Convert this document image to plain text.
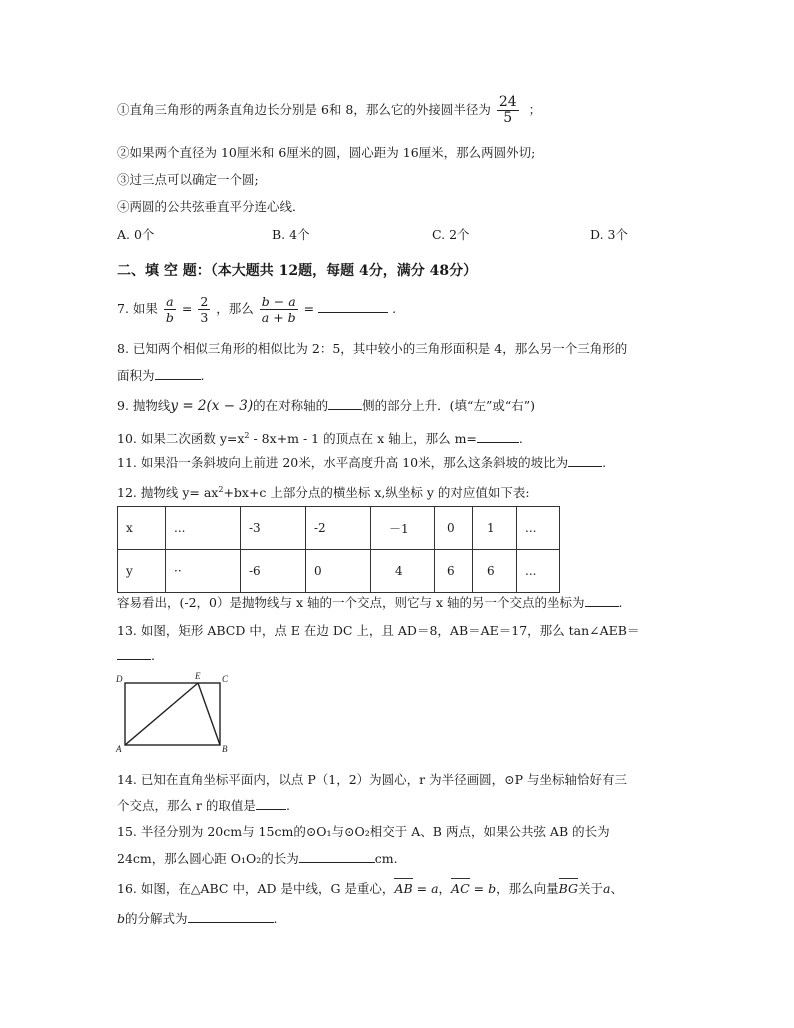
①直角三角形的两条直角边长分别是 6和 8，那么它的外接圆半径为 $\frac{24}{5}$ ；
②如果两个直径为 10厘米和 6厘米的圆，圆心距为 16厘米，那么两圆外切;
③过三点可以确定一个圆;
④两圆的公共弦垂直平分连心线．
A. 0个	B. 4个	C. 2个	D. 3个
二、填 空 题：（本大题共 12题，每题 4分，满分 48分）
7. 如果 $\frac{a}{b} = \frac{2}{3}$ ，那么 $\frac{b - a}{a + b}$ =	.
8. 已知两个相似三角形的相似比为 2：5，其中较小的三角形面积是 4，那么另一个三角形的
面积为	.
9. 抛物线y = 2(x − 3)的在对称轴的	侧的部分上升．(填“左”或“右”)
10. 如果二次函数 $y=x^2 - 8x+m - 1$ 的顶点在 x 轴上，那么 m=	.
11. 如果沿一条斜坡向上前进 20米，水平高度升高 10米，那么这条斜坡的坡比为	.
12. 抛物线 $y= ax^2+bx+c$ 上部分点的横坐标 x,纵坐标 y 的对应值如下表:
x	...	-3	-2	－1	0	1	...
y	··	-6	0	4	6	6	...
容易看出，(-2，0）是抛物线与 x 轴的一个交点，则它与 x 轴的另一个交点的坐标为	.
13. 如图，矩形 ABCD 中，点 E 在边 DC 上，且 AD＝8，AB＝AE＝17，那么 tan∠AEB＝
.
D	E C
A	B
14. 已知在直角坐标平面内，以点 P（1，2）为圆心，r 为半径画圆，⊙P 与坐标轴恰好有三
个交点，那么 r 的取值是 .
15. 半径分别为 20cm与 15cm的⊙O₁与⊙O₂相交于 A、B 两点，如果公共弦 AB 的长为
24cm，那么圆心距 O₁O₂的长为	cm.
16. 如图，在△ABC 中，AD 是中线，G 是重心，AB = a，AC = b，那么向量BG关于a、
b的分解式为	.
